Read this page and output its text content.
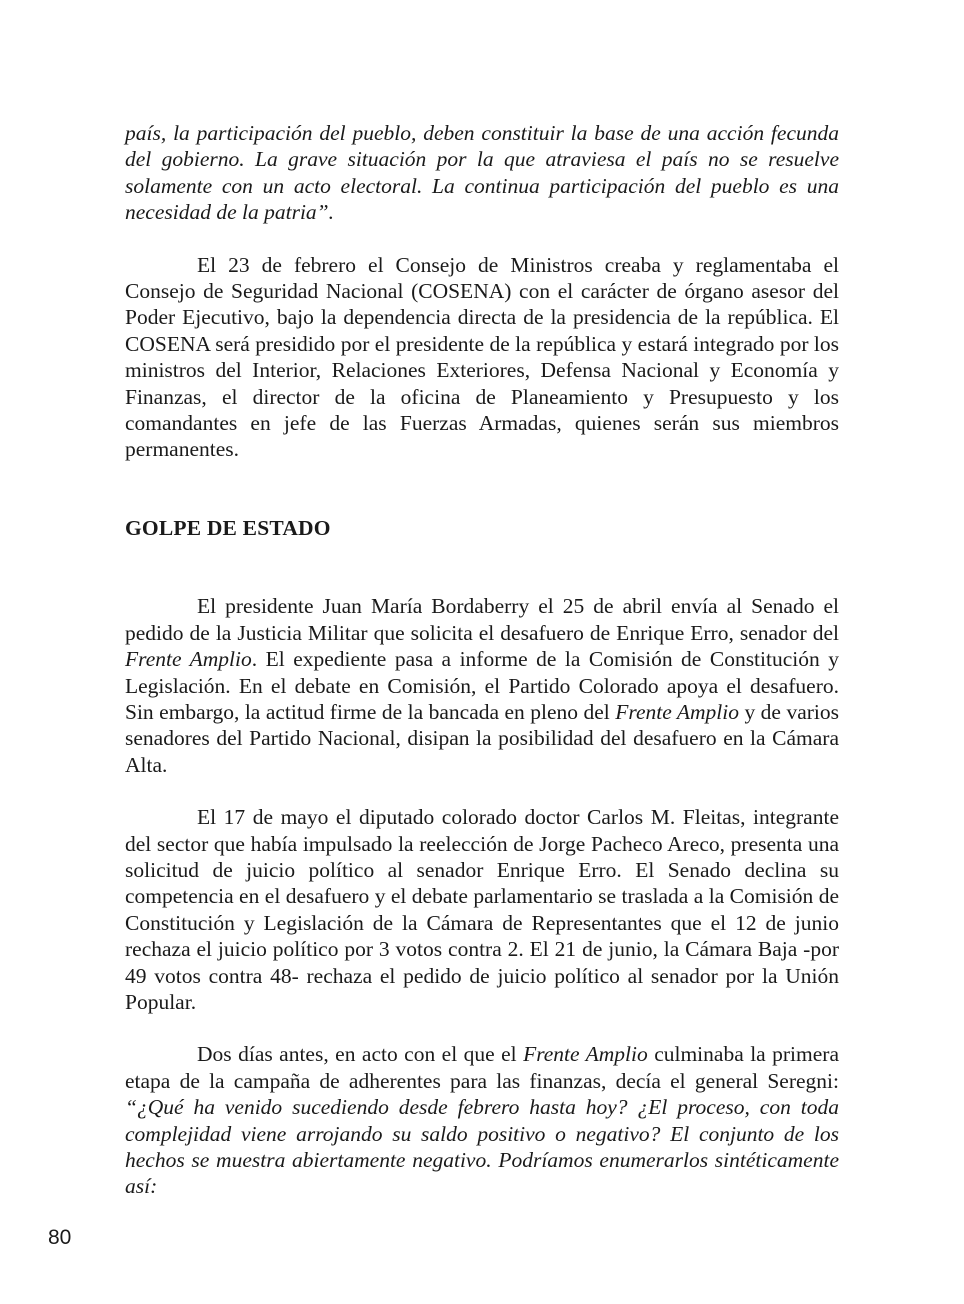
país, la participación del pueblo, deben constituir la base de una acción fecunda del gobierno. La grave situación por la que atraviesa el país no se resuelve solamente con un acto electoral. La continua participación del pueblo es una necesidad de la patria”.

El 23 de febrero el Consejo de Ministros creaba y reglamentaba el Consejo de Seguridad Nacional (COSENA) con el carácter de órgano asesor del Poder Ejecutivo, bajo la dependencia directa de la presidencia de la república. El COSENA será presidido por el presidente de la república y estará integrado por los ministros del Interior, Relaciones Exteriores, Defensa Nacional y Economía y Finanzas, el director de la oficina de Planeamiento y Presupuesto y los comandantes en jefe de las Fuerzas Armadas, quienes serán sus miembros permanentes.

GOLPE DE ESTADO

El presidente Juan María Bordaberry el 25 de abril envía al Senado el pedido de la Justicia Militar que solicita el desafuero de Enrique Erro, senador del Frente Amplio. El expediente pasa a informe de la Comisión de Constitución y Legislación. En el debate en Comisión, el Partido Colorado apoya el desafuero. Sin embargo, la actitud firme de la bancada en pleno del Frente Amplio y de varios senadores del Partido Nacional, disipan la posibilidad del desafuero en la Cámara Alta.

El 17 de mayo el diputado colorado doctor Carlos M. Fleitas, integrante del sector que había impulsado la reelección de Jorge Pacheco Areco, presenta una solicitud de juicio político al senador Enrique Erro. El Senado declina su competencia en el desafuero y el debate parlamentario se traslada a la Comisión de Constitución y Legislación de la Cámara de Representantes que el 12 de junio rechaza el juicio político por 3 votos contra 2. El 21 de junio, la Cámara Baja -por 49 votos contra 48- rechaza el pedido de juicio político al senador por la Unión Popular.

Dos días antes, en acto con el que el Frente Amplio culminaba la primera etapa de la campaña de adherentes para las finanzas, decía el general Seregni: “¿Qué ha venido sucediendo desde febrero hasta hoy? ¿El proceso, con toda complejidad viene arrojando su saldo positivo o negativo? El conjunto de los hechos se muestra abiertamente negativo. Podríamos enumerarlos sintéticamente así:

80
